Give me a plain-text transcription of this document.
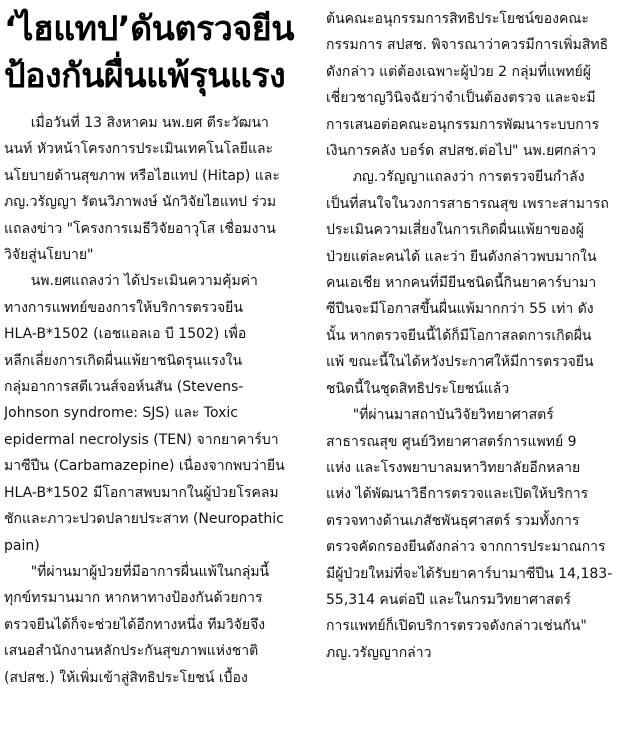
‘ไฮแทป’ดันตรวจยีน
ป้องกันผื่นแพ้รุนแรง
เมื่อวันที่ 13 สิงหาคม นพ.ยศ ตีระวัฒนา
นนท์ หัวหน้าโครงการประเมินเทคโนโลยีและ
นโยบายด้านสุขภาพ หรือไฮแทป (Hitap) และ
ภญ.วรัญญา รัตนวิภาพงษ์ นักวิจัยไฮแทป ร่วม
แถลงข่าว "โครงการเมธีวิจัยอาวุโส เชื่อมงาน
วิจัยสู่นโยบาย"
นพ.ยศแถลงว่า ได้ประเมินความคุ้มค่า
ทางการแพทย์ของการให้บริการตรวจยีน
HLA-B*1502 (เอชแอลเอ บี 1502) เพื่อ
หลีกเลี่ยงการเกิดผื่นแพ้ยาชนิดรุนแรงใน
กลุ่มอาการสตีเวนส์จอห์นสัน (Stevens-
Johnson syndrome: SJS) และ Toxic
epidermal necrolysis (TEN) จากยาคาร์บา
มาซีปีน (Carbamazepine) เนื่องจากพบว่ายีน
HLA-B*1502 มีโอกาสพบมากในผู้ป่วยโรคลม
ชักและภาวะปวดปลายประสาท (Neuropathic
pain)
"ที่ผ่านมาผู้ป่วยที่มีอาการผื่นแพ้ในกลุ่มนี้
ทุกข์ทรมานมาก หากหาทางป้องกันด้วยการ
ตรวจยีนได้ก็จะช่วยได้อีกทางหนึ่ง ทีมวิจัยจึง
เสนอสำนักงานหลักประกันสุขภาพแห่งชาติ
(สปสช.) ให้เพิ่มเข้าสู่สิทธิประโยชน์ เบื้อง
ต้นคณะอนุกรรมการสิทธิประโยชน์ของคณะ
กรรมการ สปสช. พิจารณาว่าควรมีการเพิ่มสิทธิ
ดังกล่าว แต่ต้องเฉพาะผู้ป่วย 2 กลุ่มที่แพทย์ผู้
เชี่ยวชาญวินิจฉัยว่าจำเป็นต้องตรวจ และจะมี
การเสนอต่อคณะอนุกรรมการพัฒนาระบบการ
เงินการคลัง บอร์ด สปสช.ต่อไป" นพ.ยศกล่าว
ภญ.วรัญญาแถลงว่า การตรวจยีนกำลัง
เป็นที่สนใจในวงการสาธารณสุข เพราะสามารถ
ประเมินความเสี่ยงในการเกิดผื่นแพ้ยาของผู้
ป่วยแต่ละคนได้ และว่า ยีนดังกล่าวพบมากใน
คนเอเชีย หากคนที่มียีนชนิดนี้กินยาคาร์บามา
ซีปีนจะมีโอกาสขึ้นผื่นแพ้มากกว่า 55 เท่า ดัง
นั้น หากตรวจยีนนี้ได้ก็มีโอกาสลดการเกิดผื่น
แพ้ ขณะนี้ในได้หวังประกาศให้มีการตรวจยีน
ชนิดนี้ในชุดสิทธิประโยชน์แล้ว
"ที่ผ่านมาสถาบันวิจัยวิทยาศาสตร์
สาธารณสุข ศูนย์วิทยาศาสตร์การแพทย์ 9
แห่ง และโรงพยาบาลมหาวิทยาลัยอีกหลาย
แห่ง ได้พัฒนาวิธีการตรวจและเปิดให้บริการ
ตรวจทางด้านเภสัชพันธุศาสตร์ รวมทั้งการ
ตรวจคัดกรองยีนดังกล่าว จากการประมาณการ
มีผู้ป่วยใหม่ที่จะได้รับยาคาร์บามาซีปีน 14,183-
55,314 คนต่อปี และในกรมวิทยาศาสตร์
การแพทย์ก็เปิดบริการตรวจดังกล่าวเช่นกัน"
ภญ.วรัญญากล่าว
